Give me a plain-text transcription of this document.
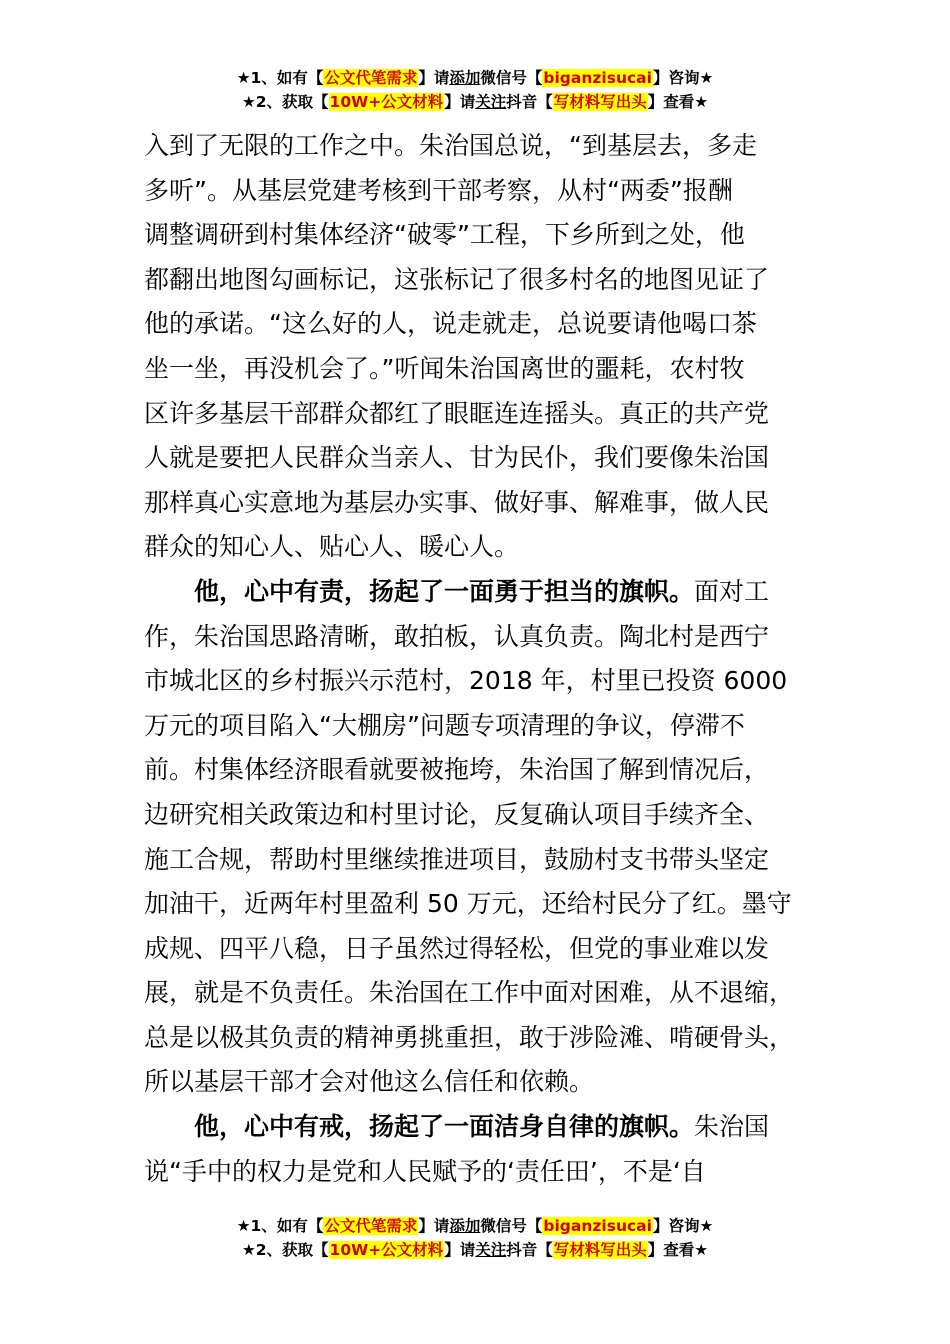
★1、如有【公文代笔需求】请添加微信号【biganzisucai】咨询★
★2、获取【10W+公文材料】请关注抖音【写材料写出头】查看★
入到了无限的工作之中。朱治国总说，“到基层去，多走
多听”。从基层党建考核到干部考察，从村“两委”报酬
调整调研到村集体经济“破零”工程，下乡所到之处，他
都翻出地图勾画标记，这张标记了很多村名的地图见证了
他的承诺。“这么好的人，说走就走，总说要请他喝口茶
坐一坐，再没机会了。”听闻朱治国离世的噩耗，农村牧
区许多基层干部群众都红了眼眶连连摇头。真正的共产党
人就是要把人民群众当亲人、甘为民仆，我们要像朱治国
那样真心实意地为基层办实事、做好事、解难事，做人民
群众的知心人、贴心人、暖心人。
他，心中有责，扬起了一面勇于担当的旗帜。面对工
作，朱治国思路清晰，敢拍板，认真负责。陶北村是西宁
市城北区的乡村振兴示范村，2018 年，村里已投资 6000
万元的项目陷入“大棚房”问题专项清理的争议，停滞不
前。村集体经济眼看就要被拖垮，朱治国了解到情况后，
边研究相关政策边和村里讨论，反复确认项目手续齐全、
施工合规，帮助村里继续推进项目，鼓励村支书带头坚定
加油干，近两年村里盈利 50 万元，还给村民分了红。墨守
成规、四平八稳，日子虽然过得轻松，但党的事业难以发
展，就是不负责任。朱治国在工作中面对困难，从不退缩，
总是以极其负责的精神勇挑重担，敢于涉险滩、啃硬骨头，
所以基层干部才会对他这么信任和依赖。
他，心中有戒，扬起了一面洁身自律的旗帜。朱治国
说“手中的权力是党和人民赋予的‘责任田’，不是‘自
★1、如有【公文代笔需求】请添加微信号【biganzisucai】咨询★
★2、获取【10W+公文材料】请关注抖音【写材料写出头】查看★
